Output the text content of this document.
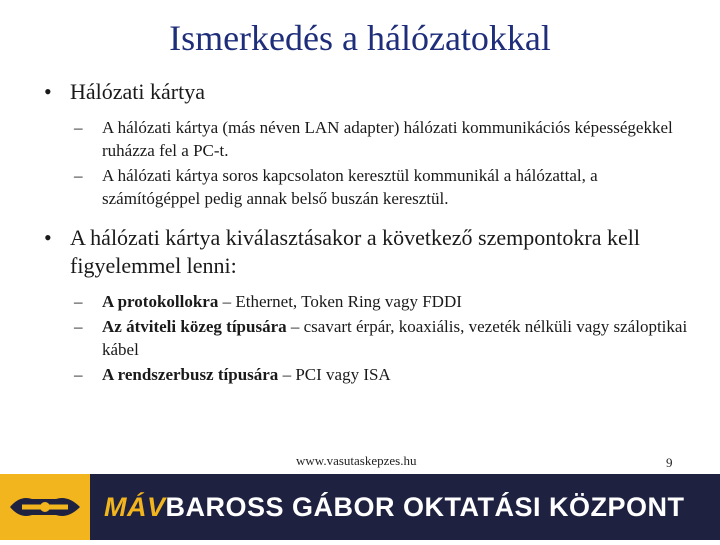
Ismerkedés a hálózatokkal
• Hálózati kártya
– A hálózati kártya (más néven LAN adapter) hálózati kommunikációs képességekkel ruházza fel a PC-t.
– A hálózati kártya soros kapcsolaton keresztül kommunikál a hálózattal, a számítógéppel pedig annak belső buszán keresztül.
• A hálózati kártya kiválasztásakor a következő szempontokra kell figyelemmel lenni:
– A protokollokra – Ethernet, Token Ring vagy FDDI
– Az átviteli közeg típusára – csavart érpár, koaxiális, vezeték nélküli vagy száloptikai kábel
– A rendszerbusz típusára – PCI vagy ISA
www.vasutaskepzes.hu	9
MÁVBAROSS GÁBOR OKTATÁSI KÖZPONT
